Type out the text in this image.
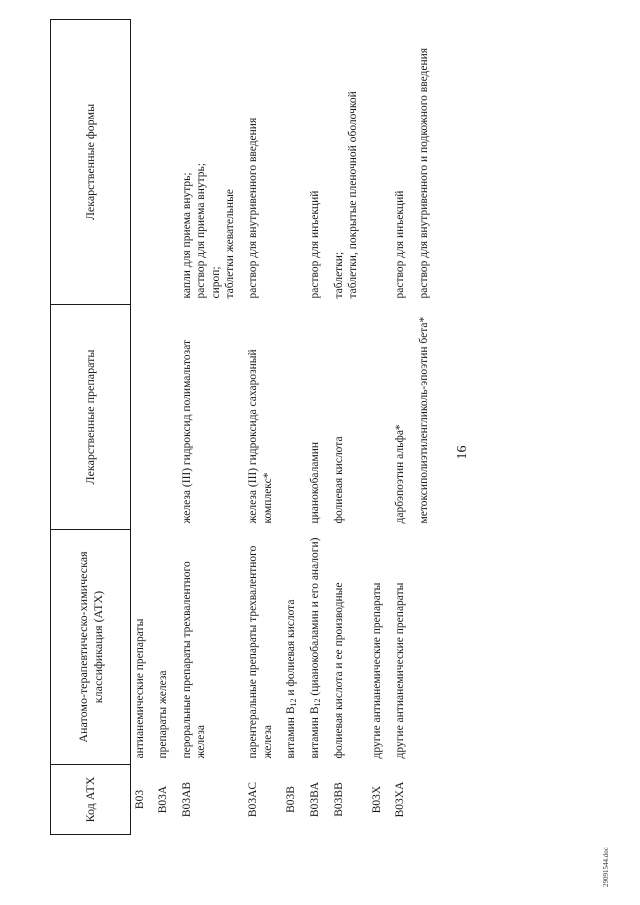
16
Код АТХ	Анатомо-терапевтическо-химическая классификация (АТХ)	Лекарственные препараты	Лекарственные формы
B03	антианемические препараты		
B03A	препараты железа		
B03AB	пероральные препараты трехвалентного железа	железа (III) гидроксид полимальтозат	капли для приема внутрь; раствор для приема внутрь; сироп; таблетки жевательные

B03AC	парентеральные препараты трехвалентного железа	железа (III) гидроксида сахарозный комплекс*	раствор для внутривенного введения

B03B	витамин $B_{12}$ и фолиевая кислота		
B03BA	витамин $B_{12}$ (цианокобаламин и его аналоги)	цианокобаламин	раствор для инъекций

B03BB	фолиевая кислота и ее производные	фолиевая кислота	таблетки; таблетки, покрытые пленочной оболочкой

B03X	другие антианемические препараты		
B03XA	другие антианемические препараты	дарбэпоэтин альфа*	раствор для инъекций

		метоксиполиэтиленгликоль-эпоэтин бета*	раствор для внутривенного и подкожного введения
29091544.doc
